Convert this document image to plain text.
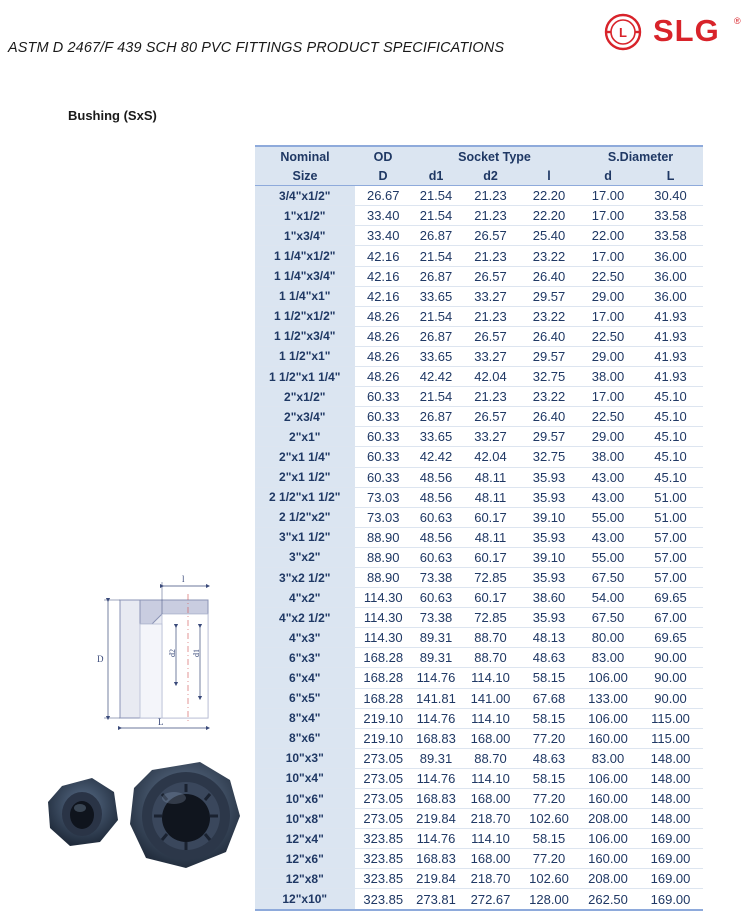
ASTM D 2467/F 439 SCH 80 PVC FITTINGS PRODUCT SPECIFICATIONS
L SLG ®
Bushing (SxS)
Nominal	OD	Socket Type			S.Diameter	
Size	D	d1	d2	l	d	L
3/4"x1/2"	26.67	21.54	21.23	22.20	17.00	30.40
1"x1/2"	33.40	21.54	21.23	22.20	17.00	33.58
1"x3/4"	33.40	26.87	26.57	25.40	22.00	33.58
1 1/4"x1/2"	42.16	21.54	21.23	23.22	17.00	36.00
1 1/4"x3/4"	42.16	26.87	26.57	26.40	22.50	36.00
1 1/4"x1"	42.16	33.65	33.27	29.57	29.00	36.00
1 1/2"x1/2"	48.26	21.54	21.23	23.22	17.00	41.93
1 1/2"x3/4"	48.26	26.87	26.57	26.40	22.50	41.93
1 1/2"x1"	48.26	33.65	33.27	29.57	29.00	41.93
1 1/2"x1 1/4"	48.26	42.42	42.04	32.75	38.00	41.93
2"x1/2"	60.33	21.54	21.23	23.22	17.00	45.10
2"x3/4"	60.33	26.87	26.57	26.40	22.50	45.10
2"x1"	60.33	33.65	33.27	29.57	29.00	45.10
2"x1 1/4"	60.33	42.42	42.04	32.75	38.00	45.10
2"x1 1/2"	60.33	48.56	48.11	35.93	43.00	45.10
2 1/2"x1 1/2"	73.03	48.56	48.11	35.93	43.00	51.00
2 1/2"x2"	73.03	60.63	60.17	39.10	55.00	51.00
3"x1 1/2"	88.90	48.56	48.11	35.93	43.00	57.00
3"x2"	88.90	60.63	60.17	39.10	55.00	57.00
3"x2 1/2"	88.90	73.38	72.85	35.93	67.50	57.00
4"x2"	114.30	60.63	60.17	38.60	54.00	69.65
4"x2 1/2"	114.30	73.38	72.85	35.93	67.50	67.00
4"x3"	114.30	89.31	88.70	48.13	80.00	69.65
6"x3"	168.28	89.31	88.70	48.63	83.00	90.00
6"x4"	168.28	114.76	114.10	58.15	106.00	90.00
6"x5"	168.28	141.81	141.00	67.68	133.00	90.00
8"x4"	219.10	114.76	114.10	58.15	106.00	115.00
8"x6"	219.10	168.83	168.00	77.20	160.00	115.00
10"x3"	273.05	89.31	88.70	48.63	83.00	148.00
10"x4"	273.05	114.76	114.10	58.15	106.00	148.00
10"x6"	273.05	168.83	168.00	77.20	160.00	148.00
10"x8"	273.05	219.84	218.70	102.60	208.00	148.00
12"x4"	323.85	114.76	114.10	58.15	106.00	169.00
12"x6"	323.85	168.83	168.00	77.20	160.00	169.00
12"x8"	323.85	219.84	218.70	102.60	208.00	169.00
12"x10"	323.85	273.81	272.67	128.00	262.50	169.00
l
D
d2 d1
L
